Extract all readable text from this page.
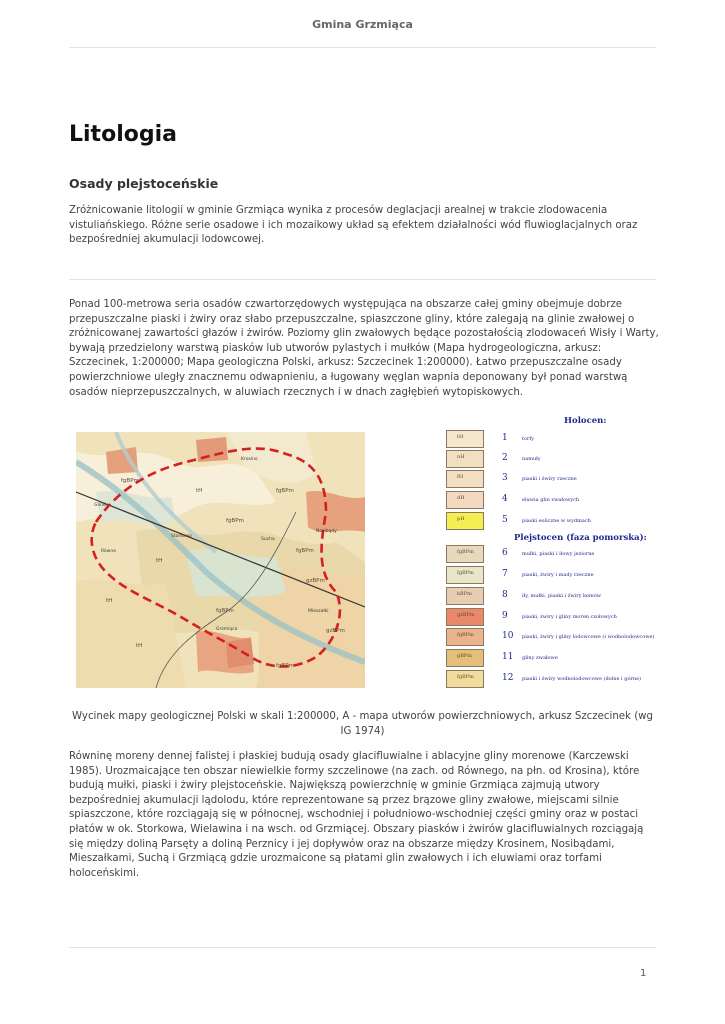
Gmina Grzmiąca
Litologia
Osady plejstoceńskie

Zróżnicowanie litologii w gminie Grzmiąca wynika z procesów deglacjacji arealnej w trakcie zlodowacenia vistuliańskiego. Różne serie osadowe i ich mozaikowy układ są efektem działalności wód fluwioglacjalnych oraz bezpośredniej akumulacji lodowcowej.

Ponad 100-metrowa seria osadów czwartorzędowych występująca na obszarze całej gminy obejmuje dobrze przepuszczalne piaski i żwiry oraz słabo przepuszczalne, spiaszczone gliny, które zalegają na glinie zwałowej o zróżnicowanej zawartości głazów i żwirów. Poziomy glin zwałowych będące pozostałością zlodowaceń Wisły i Warty, bywają przedzielony warstwą piasków lub utworów pylastych i mułków (Mapa hydrogeologiczna, arkusz: Szczecinek, 1:200000; Mapa geologiczna Polski, arkusz: Szczecinek 1:200000). Łatwo przepuszczalne osady powierzchniowe uległy znacznemu odwapnieniu, a ługowany węglan wapnia deponowany był ponad warstwą osadów nieprzepuszczalnych, w aluwiach rzecznych i w dnach zagłębień wytopiskowych.

fgBPm
tH
fgBPm
fgBPm
tH
fgBPm
gzBPm
tH
fgBPm
tH
gzBPm
fgBPm
Gliniki
Krosino
Storkowo
Sucha
Równe
Mieszałki
Nosibądy
Grzmiąca
Holocen:
Plejstocen (faza pomorska):
tH	1	torfy
nH	2	namuły
fH	3	piaski i żwiry rzeczne
dH	4	eluwia glin zwałowych
pH	5	piaski eoliczne w wydmach
fgBPm	6	mułki, piaski i iłowy jeziorne
fgBPm	7	piaski, żwiry i mady rzeczne
kBPm	8	iły, mułki, piaski i żwiry kemów
gzBPm	9	piaski, żwiry i gliny moren czołowych
fgBPm	10 piaski, żwiry i gliny lodowcowe (i wodnolodowcowe)
gBPm	11 gliny zwałowe
fgBPm	12 piaski i żwiry wodnolodowcowe (dolne i górne)

Wycinek mapy geologicznej Polski w skali 1:200000, A - mapa utworów powierzchniowych, arkusz Szczecinek (wg IG 1974)

Równinę moreny dennej falistej i płaskiej budują osady glacifluwialne i ablacyjne gliny morenowe (Karczewski 1985). Urozmaicające ten obszar niewielkie formy szczelinowe (na zach. od Równego, na płn. od Krosina), które budują mułki, piaski i żwiry plejstoceńskie. Największą powierzchnię w gminie Grzmiąca zajmują utwory bezpośredniej akumulacji lądolodu, które reprezentowane są przez brązowe gliny zwałowe, miejscami silnie spiaszczone, które rozciągają się w północnej, wschodniej i południowo-wschodniej części gminy oraz w postaci płatów w ok. Storkowa, Wielawina i na wsch. od Grzmiącej. Obszary piasków i żwirów glacifluwialnych rozciągają się między doliną Parsęty a doliną Perznicy i jej dopływów oraz na obszarze między Krosinem, Nosibądami, Mieszałkami, Suchą i Grzmiącą gdzie urozmaicone są płatami glin zwałowych i ich eluwiami oraz torfami holoceńskimi.

1
